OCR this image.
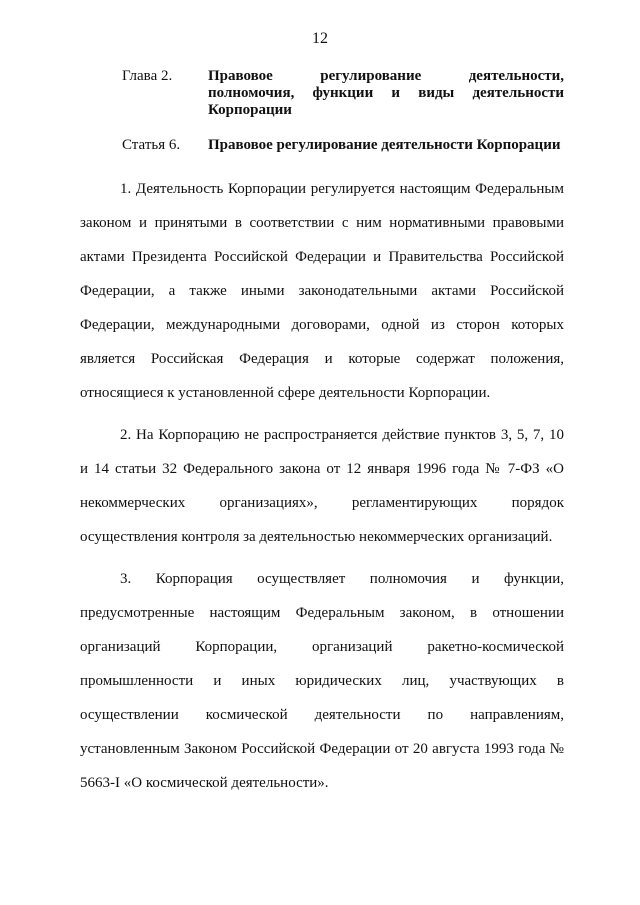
12
Глава 2.	Правовое регулирование деятельности, полномочия, функции и виды деятельности Корпорации
Статья 6. Правовое регулирование деятельности Корпорации

1. Деятельность Корпорации регулируется настоящим Федеральным законом и принятыми в соответствии с ним нормативными правовыми актами Президента Российской Федерации и Правительства Российской Федерации, а также иными законодательными актами Российской Федерации, международными договорами, одной из сторон которых является Российская Федерация и которые содержат положения, относящиеся к установленной сфере деятельности Корпорации.

2. На Корпорацию не распространяется действие пунктов 3, 5, 7, 10 и 14 статьи 32 Федерального закона от 12 января 1996 года № 7-ФЗ «О некоммерческих организациях», регламентирующих порядок осуществления контроля за деятельностью некоммерческих организаций.

3. Корпорация осуществляет полномочия и функции, предусмотренные настоящим Федеральным законом, в отношении организаций Корпорации, организаций ракетно-космической промышленности и иных юридических лиц, участвующих в осуществлении космической деятельности по направлениям, установленным Законом Российской Федерации от 20 августа 1993 года № 5663-I «О космической деятельности».
